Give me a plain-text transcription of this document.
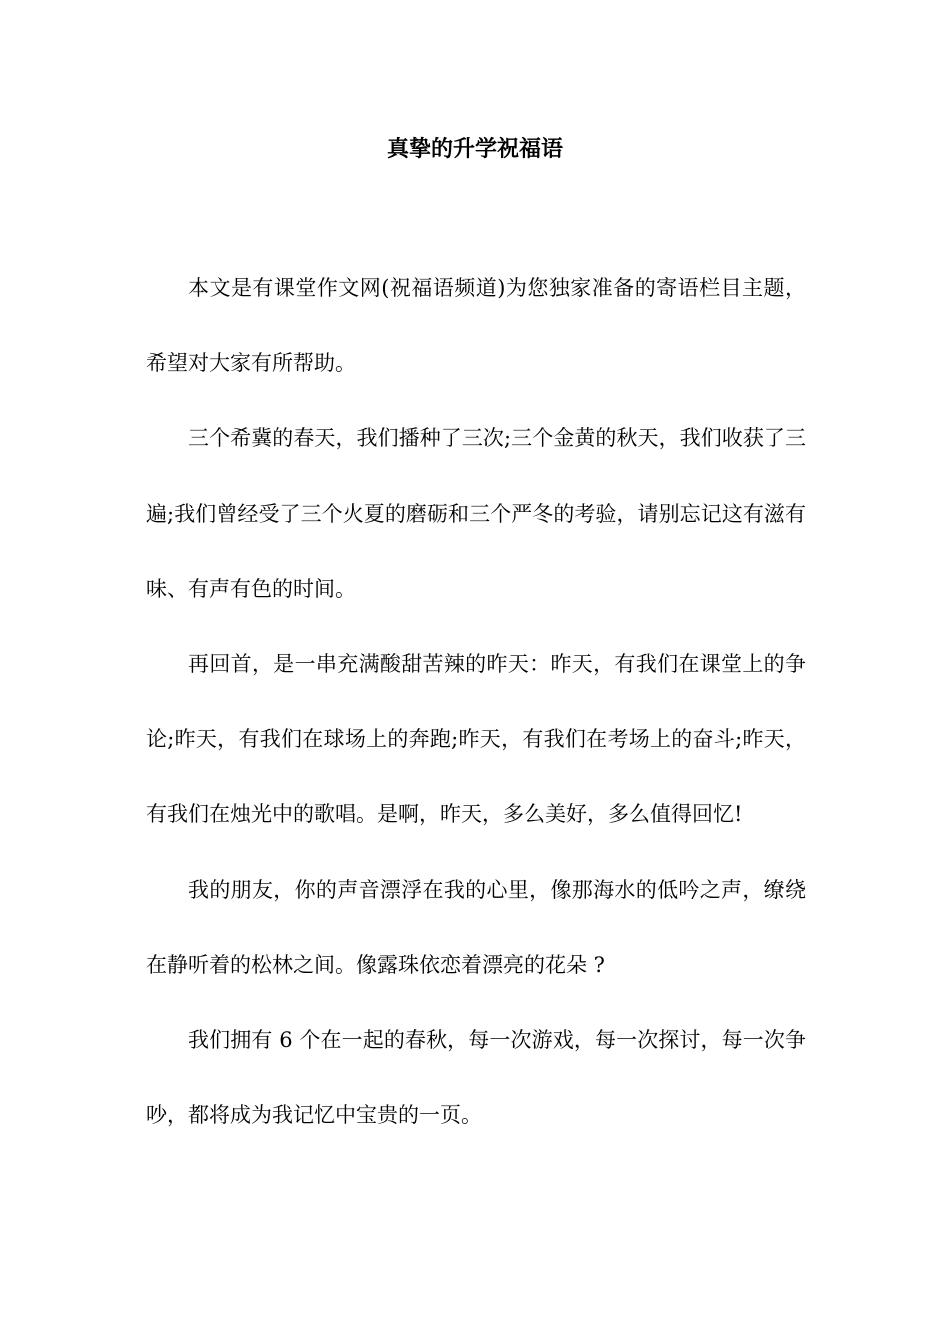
真挚的升学祝福语

本文是有课堂作文网(祝福语频道)为您独家准备的寄语栏目主题，希望对大家有所帮助。

三个希冀的春天，我们播种了三次;三个金黄的秋天，我们收获了三遍;我们曾经受了三个火夏的磨砺和三个严冬的考验，请别忘记这有滋有味、有声有色的时间。

再回首，是一串充满酸甜苦辣的昨天：昨天，有我们在课堂上的争论;昨天，有我们在球场上的奔跑;昨天，有我们在考场上的奋斗;昨天，有我们在烛光中的歌唱。是啊，昨天，多么美好，多么值得回忆!

我的朋友，你的声音漂浮在我的心里，像那海水的低吟之声，缭绕在静听着的松林之间。像露珠依恋着漂亮的花朵 ?

我们拥有 6 个在一起的春秋，每一次游戏，每一次探讨，每一次争吵，都将成为我记忆中宝贵的一页。
